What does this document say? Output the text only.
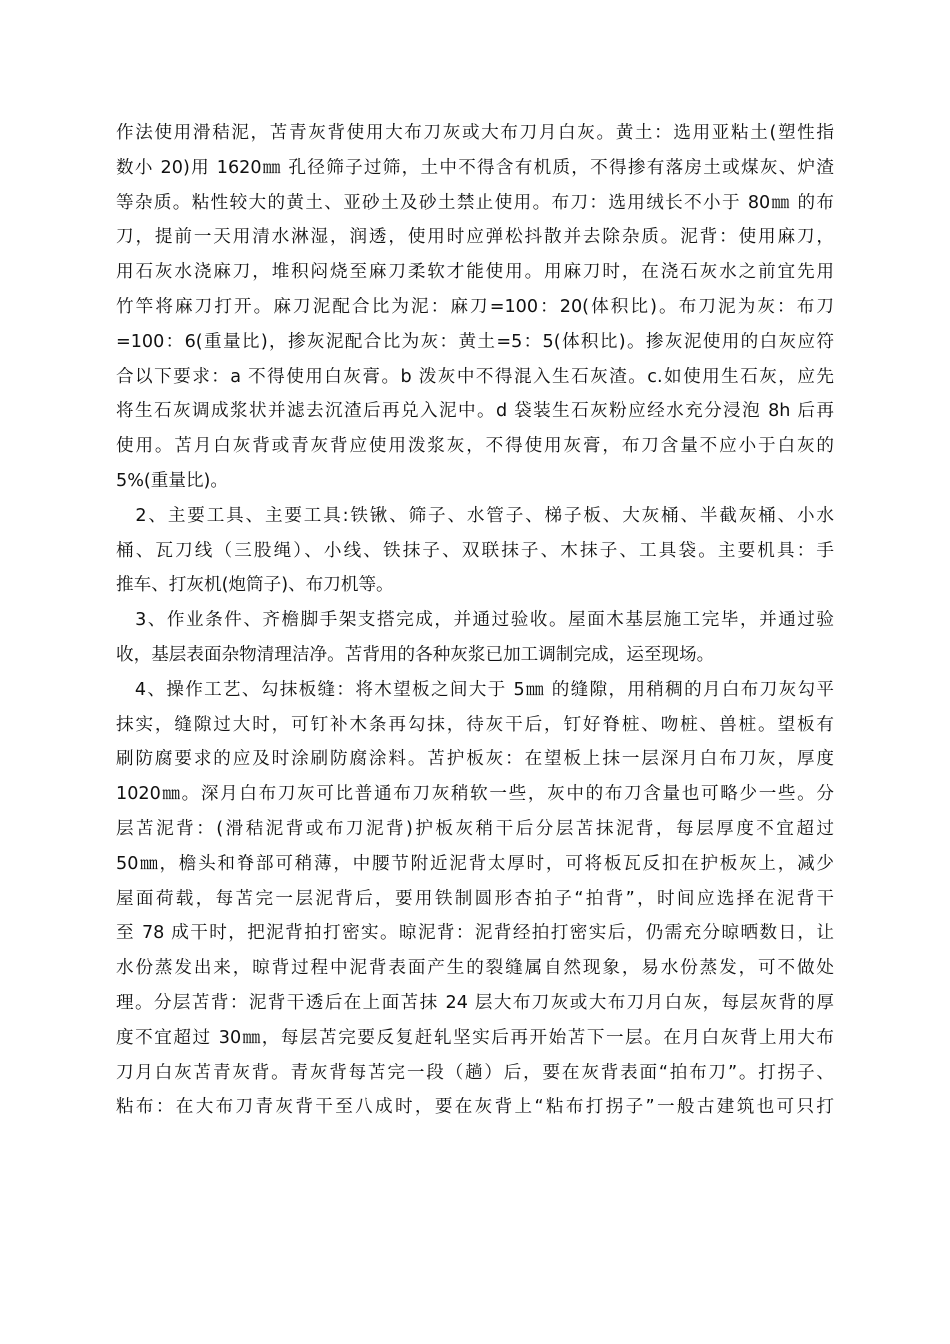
作法使用滑秸泥，苫青灰背使用大布刀灰或大布刀月白灰。黄土：选用亚粘土(塑性指
数小 20)用 1620㎜ 孔径筛子过筛，土中不得含有机质，不得掺有落房土或煤灰、炉渣
等杂质。粘性较大的黄土、亚砂土及砂土禁止使用。布刀：选用绒长不小于 80㎜ 的布
刀，提前一天用清水淋湿，润透，使用时应弹松抖散并去除杂质。泥背：使用麻刀，
用石灰水浇麻刀，堆积闷烧至麻刀柔软才能使用。用麻刀时，在浇石灰水之前宜先用
竹竿将麻刀打开。麻刀泥配合比为泥：麻刀=100：20(体积比)。布刀泥为灰：布刀
=100：6(重量比)，掺灰泥配合比为灰：黄土=5：5(体积比)。掺灰泥使用的白灰应符
合以下要求：a 不得使用白灰膏。b 泼灰中不得混入生石灰渣。c.如使用生石灰，应先
将生石灰调成浆状并滤去沉渣后再兑入泥中。d 袋装生石灰粉应经水充分浸泡 8h 后再
使用。苫月白灰背或青灰背应使用泼浆灰，不得使用灰膏，布刀含量不应小于白灰的
5%(重量比)。
　2、主要工具、主要工具:铁锹、筛子、水管子、梯子板、大灰桶、半截灰桶、小水
桶、瓦刀线（三股绳）、小线、铁抹子、双联抹子、木抹子、工具袋。主要机具：手
推车、打灰机(炮筒子)、布刀机等。
　3、作业条件、齐檐脚手架支搭完成，并通过验收。屋面木基层施工完毕，并通过验
收，基层表面杂物清理洁净。苫背用的各种灰浆已加工调制完成，运至现场。
　4、操作工艺、勾抹板缝：将木望板之间大于 5㎜ 的缝隙，用稍稠的月白布刀灰勾平
抹实，缝隙过大时，可钉补木条再勾抹，待灰干后，钉好脊桩、吻桩、兽桩。望板有
刷防腐要求的应及时涂刷防腐涂料。苫护板灰：在望板上抹一层深月白布刀灰，厚度
1020㎜。深月白布刀灰可比普通布刀灰稍软一些，灰中的布刀含量也可略少一些。分
层苫泥背：(滑秸泥背或布刀泥背)护板灰稍干后分层苫抹泥背，每层厚度不宜超过
50㎜，檐头和脊部可稍薄，中腰节附近泥背太厚时，可将板瓦反扣在护板灰上，减少
屋面荷载，每苫完一层泥背后，要用铁制圆形杏拍子“拍背”，时间应选择在泥背干
至 78 成干时，把泥背拍打密实。晾泥背：泥背经拍打密实后，仍需充分晾晒数日，让
水份蒸发出来，晾背过程中泥背表面产生的裂缝属自然现象，易水份蒸发，可不做处
理。分层苫背：泥背干透后在上面苫抹 24 层大布刀灰或大布刀月白灰，每层灰背的厚
度不宜超过 30㎜，每层苫完要反复赶轧坚实后再开始苫下一层。在月白灰背上用大布
刀月白灰苫青灰背。青灰背每苫完一段（趟）后，要在灰背表面“拍布刀”。打拐子、
粘布：在大布刀青灰背干至八成时，要在灰背上“粘布打拐子”一般古建筑也可只打
